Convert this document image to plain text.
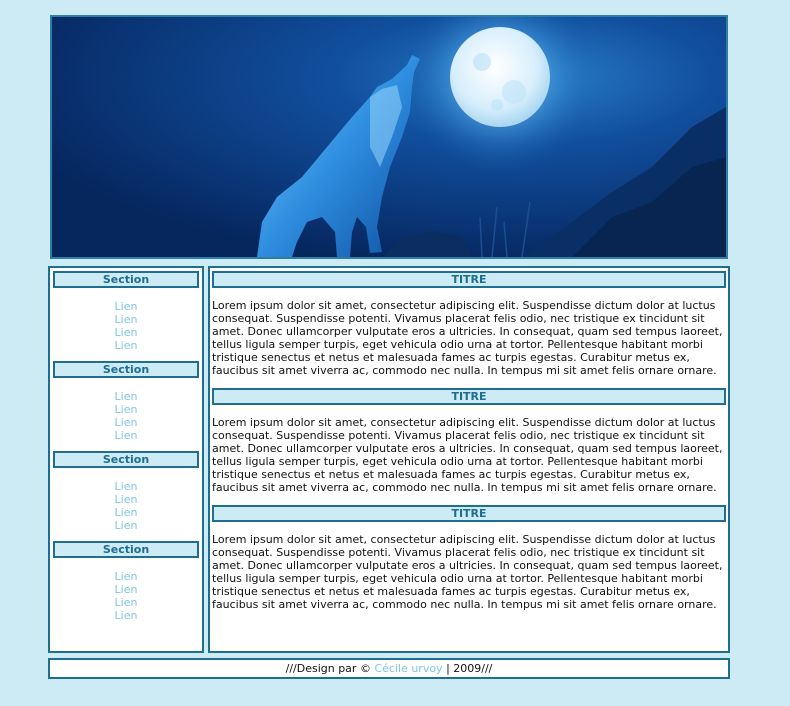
Section
Lien
Lien
Lien
Lien
Section
Lien
Lien
Lien
Lien
Section
Lien
Lien
Lien
Lien
Section
Lien
Lien
Lien
Lien
TITRE

Lorem ipsum dolor sit amet, consectetur adipiscing elit. Suspendisse dictum dolor at luctus consequat. Suspendisse potenti. Vivamus placerat felis odio, nec tristique ex tincidunt sit amet. Donec ullamcorper vulputate eros a ultricies. In consequat, quam sed tempus laoreet, tellus ligula semper turpis, eget vehicula odio urna at tortor. Pellentesque habitant morbi tristique senectus et netus et malesuada fames ac turpis egestas. Curabitur metus ex, faucibus sit amet viverra ac, commodo nec nulla. In tempus mi sit amet felis ornare ornare.

TITRE

Lorem ipsum dolor sit amet, consectetur adipiscing elit. Suspendisse dictum dolor at luctus consequat. Suspendisse potenti. Vivamus placerat felis odio, nec tristique ex tincidunt sit amet. Donec ullamcorper vulputate eros a ultricies. In consequat, quam sed tempus laoreet, tellus ligula semper turpis, eget vehicula odio urna at tortor. Pellentesque habitant morbi tristique senectus et netus et malesuada fames ac turpis egestas. Curabitur metus ex, faucibus sit amet viverra ac, commodo nec nulla. In tempus mi sit amet felis ornare ornare.

TITRE

Lorem ipsum dolor sit amet, consectetur adipiscing elit. Suspendisse dictum dolor at luctus consequat. Suspendisse potenti. Vivamus placerat felis odio, nec tristique ex tincidunt sit amet. Donec ullamcorper vulputate eros a ultricies. In consequat, quam sed tempus laoreet, tellus ligula semper turpis, eget vehicula odio urna at tortor. Pellentesque habitant morbi tristique senectus et netus et malesuada fames ac turpis egestas. Curabitur metus ex, faucibus sit amet viverra ac, commodo nec nulla. In tempus mi sit amet felis ornare ornare.

///Design par © Cécile urvoy | 2009///
